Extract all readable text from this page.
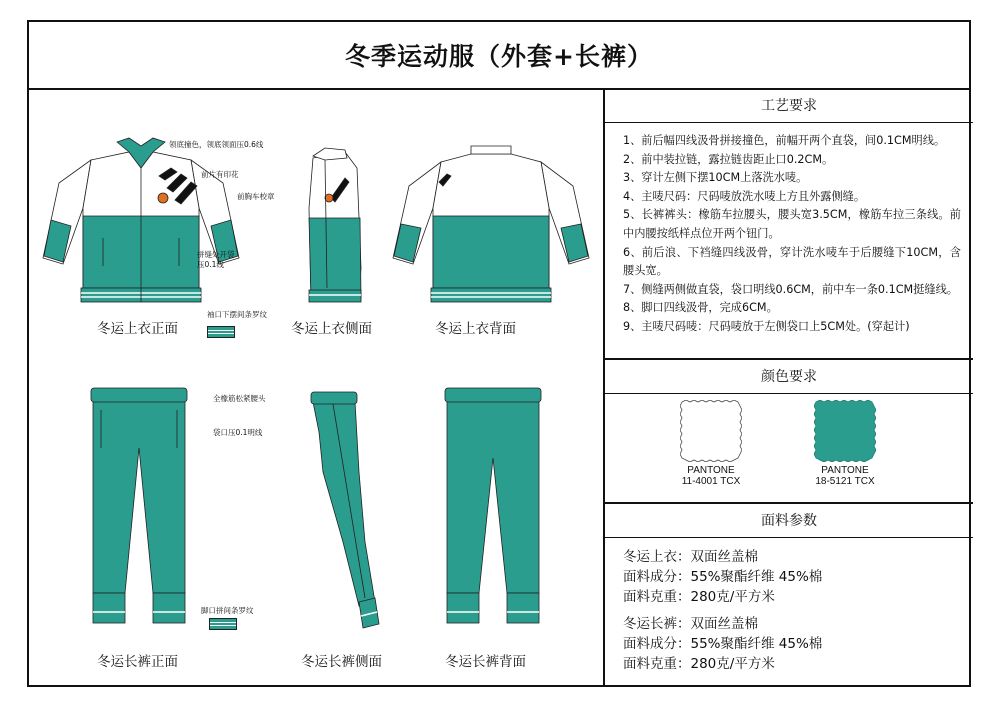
冬季运动服（外套+长裤）
领底撞色，领底领面压0.6线
前片有印花
前胸车校章
拼缝处开袋
压0.1线
袖口下摆间条罗纹
冬运上衣正面	冬运上衣侧面	冬运上衣背面
全橡筋松紧腰头
袋口压0.1明线
脚口拼间条罗纹
冬运长裤正面	冬运长裤侧面	冬运长裤背面
工艺要求
1、前后幅四线汲骨拼接撞色，前幅开两个直袋，间0.1CM明线。
2、前中装拉链，露拉链齿距止口0.2CM。
3、穿计左侧下摆10CM上落洗水唛。
4、主唛尺码：尺码唛放洗水唛上方且外露侧缝。
5、长裤裤头：橡筋车拉腰头，腰头宽3.5CM，橡筋车拉三条线。前中内腰按纸样点位开两个钮门。
6、前后浪、下裆缝四线汲骨，穿计洗水唛车于后腰缝下10CM，含腰头宽。
7、侧缝两侧做直袋，袋口明线0.6CM，前中车一条0.1CM挺缝线。
8、脚口四线汲骨，完成6CM。
9、主唛尺码唛：尺码唛放于左侧袋口上5CM处。(穿起计)
颜色要求
PANTONE
11-4001 TCX
PANTONE
18-5121 TCX
面料参数
冬运上衣：双面丝盖棉
面料成分：55%聚酯纤维 45%棉
面料克重：280克/平方米
冬运长裤：双面丝盖棉
面料成分：55%聚酯纤维 45%棉
面料克重：280克/平方米
